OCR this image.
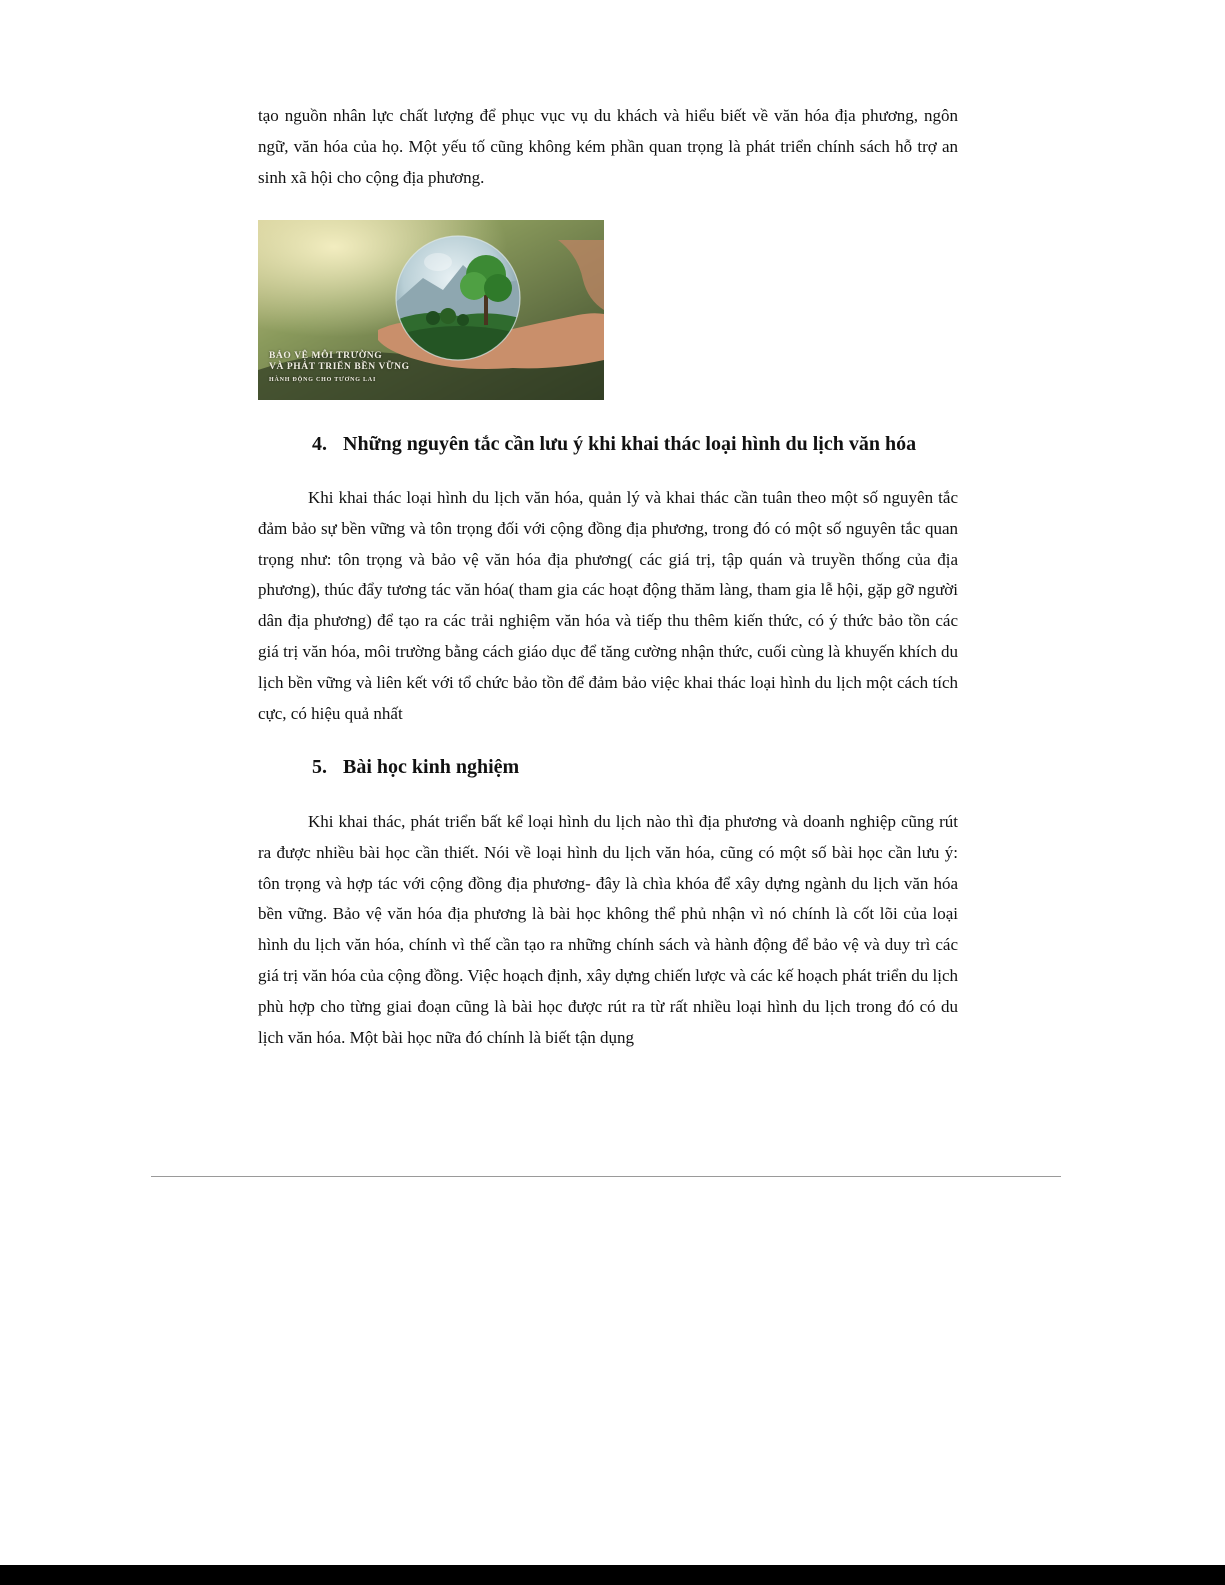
tạo nguồn nhân lực chất lượng để phục vục vụ du khách và hiểu biết về văn hóa địa phương, ngôn ngữ, văn hóa của họ. Một yếu tố cũng không kém phần quan trọng là phát triển chính sách hỗ trợ an sinh xã hội cho cộng địa phương.

BẢO VỆ MÔI TRƯỜNG
VÀ PHÁT TRIỂN BỀN VỮNG
HÀNH ĐỘNG CHO TƯƠNG LAI
4. Những nguyên tắc cần lưu ý khi khai thác loại hình du lịch văn hóa

Khi khai thác loại hình du lịch văn hóa, quản lý và khai thác cần tuân theo một số nguyên tắc đảm bảo sự bền vững và tôn trọng đối với cộng đồng địa phương, trong đó có một số nguyên tắc quan trọng như: tôn trọng và bảo vệ văn hóa địa phương( các giá trị, tập quán và truyền thống của địa phương), thúc đẩy tương tác văn hóa( tham gia các hoạt động thăm làng, tham gia lễ hội, gặp gỡ người dân địa phương) để tạo ra các trải nghiệm văn hóa và tiếp thu thêm kiến thức, có ý thức bảo tồn các giá trị văn hóa, môi trường bằng cách giáo dục để tăng cường nhận thức, cuối cùng là khuyến khích du lịch bền vững và liên kết với tổ chức bảo tồn để đảm bảo việc khai thác loại hình du lịch một cách tích cực, có hiệu quả nhất

5. Bài học kinh nghiệm

Khi khai thác, phát triển bất kể loại hình du lịch nào thì địa phương và doanh nghiệp cũng rút ra được nhiều bài học cần thiết. Nói về loại hình du lịch văn hóa, cũng có một số bài học cần lưu ý: tôn trọng và hợp tác với cộng đồng địa phương- đây là chìa khóa để xây dựng ngành du lịch văn hóa bền vững. Bảo vệ văn hóa địa phương là bài học không thể phủ nhận vì nó chính là cốt lõi của loại hình du lịch văn hóa, chính vì thế cần tạo ra những chính sách và hành động để bảo vệ và duy trì các giá trị văn hóa của cộng đồng. Việc hoạch định, xây dựng chiến lược và các kế hoạch phát triển du lịch phù hợp cho từng giai đoạn cũng là bài học được rút ra từ rất nhiều loại hình du lịch trong đó có du lịch văn hóa. Một bài học nữa đó chính là biết tận dụng
